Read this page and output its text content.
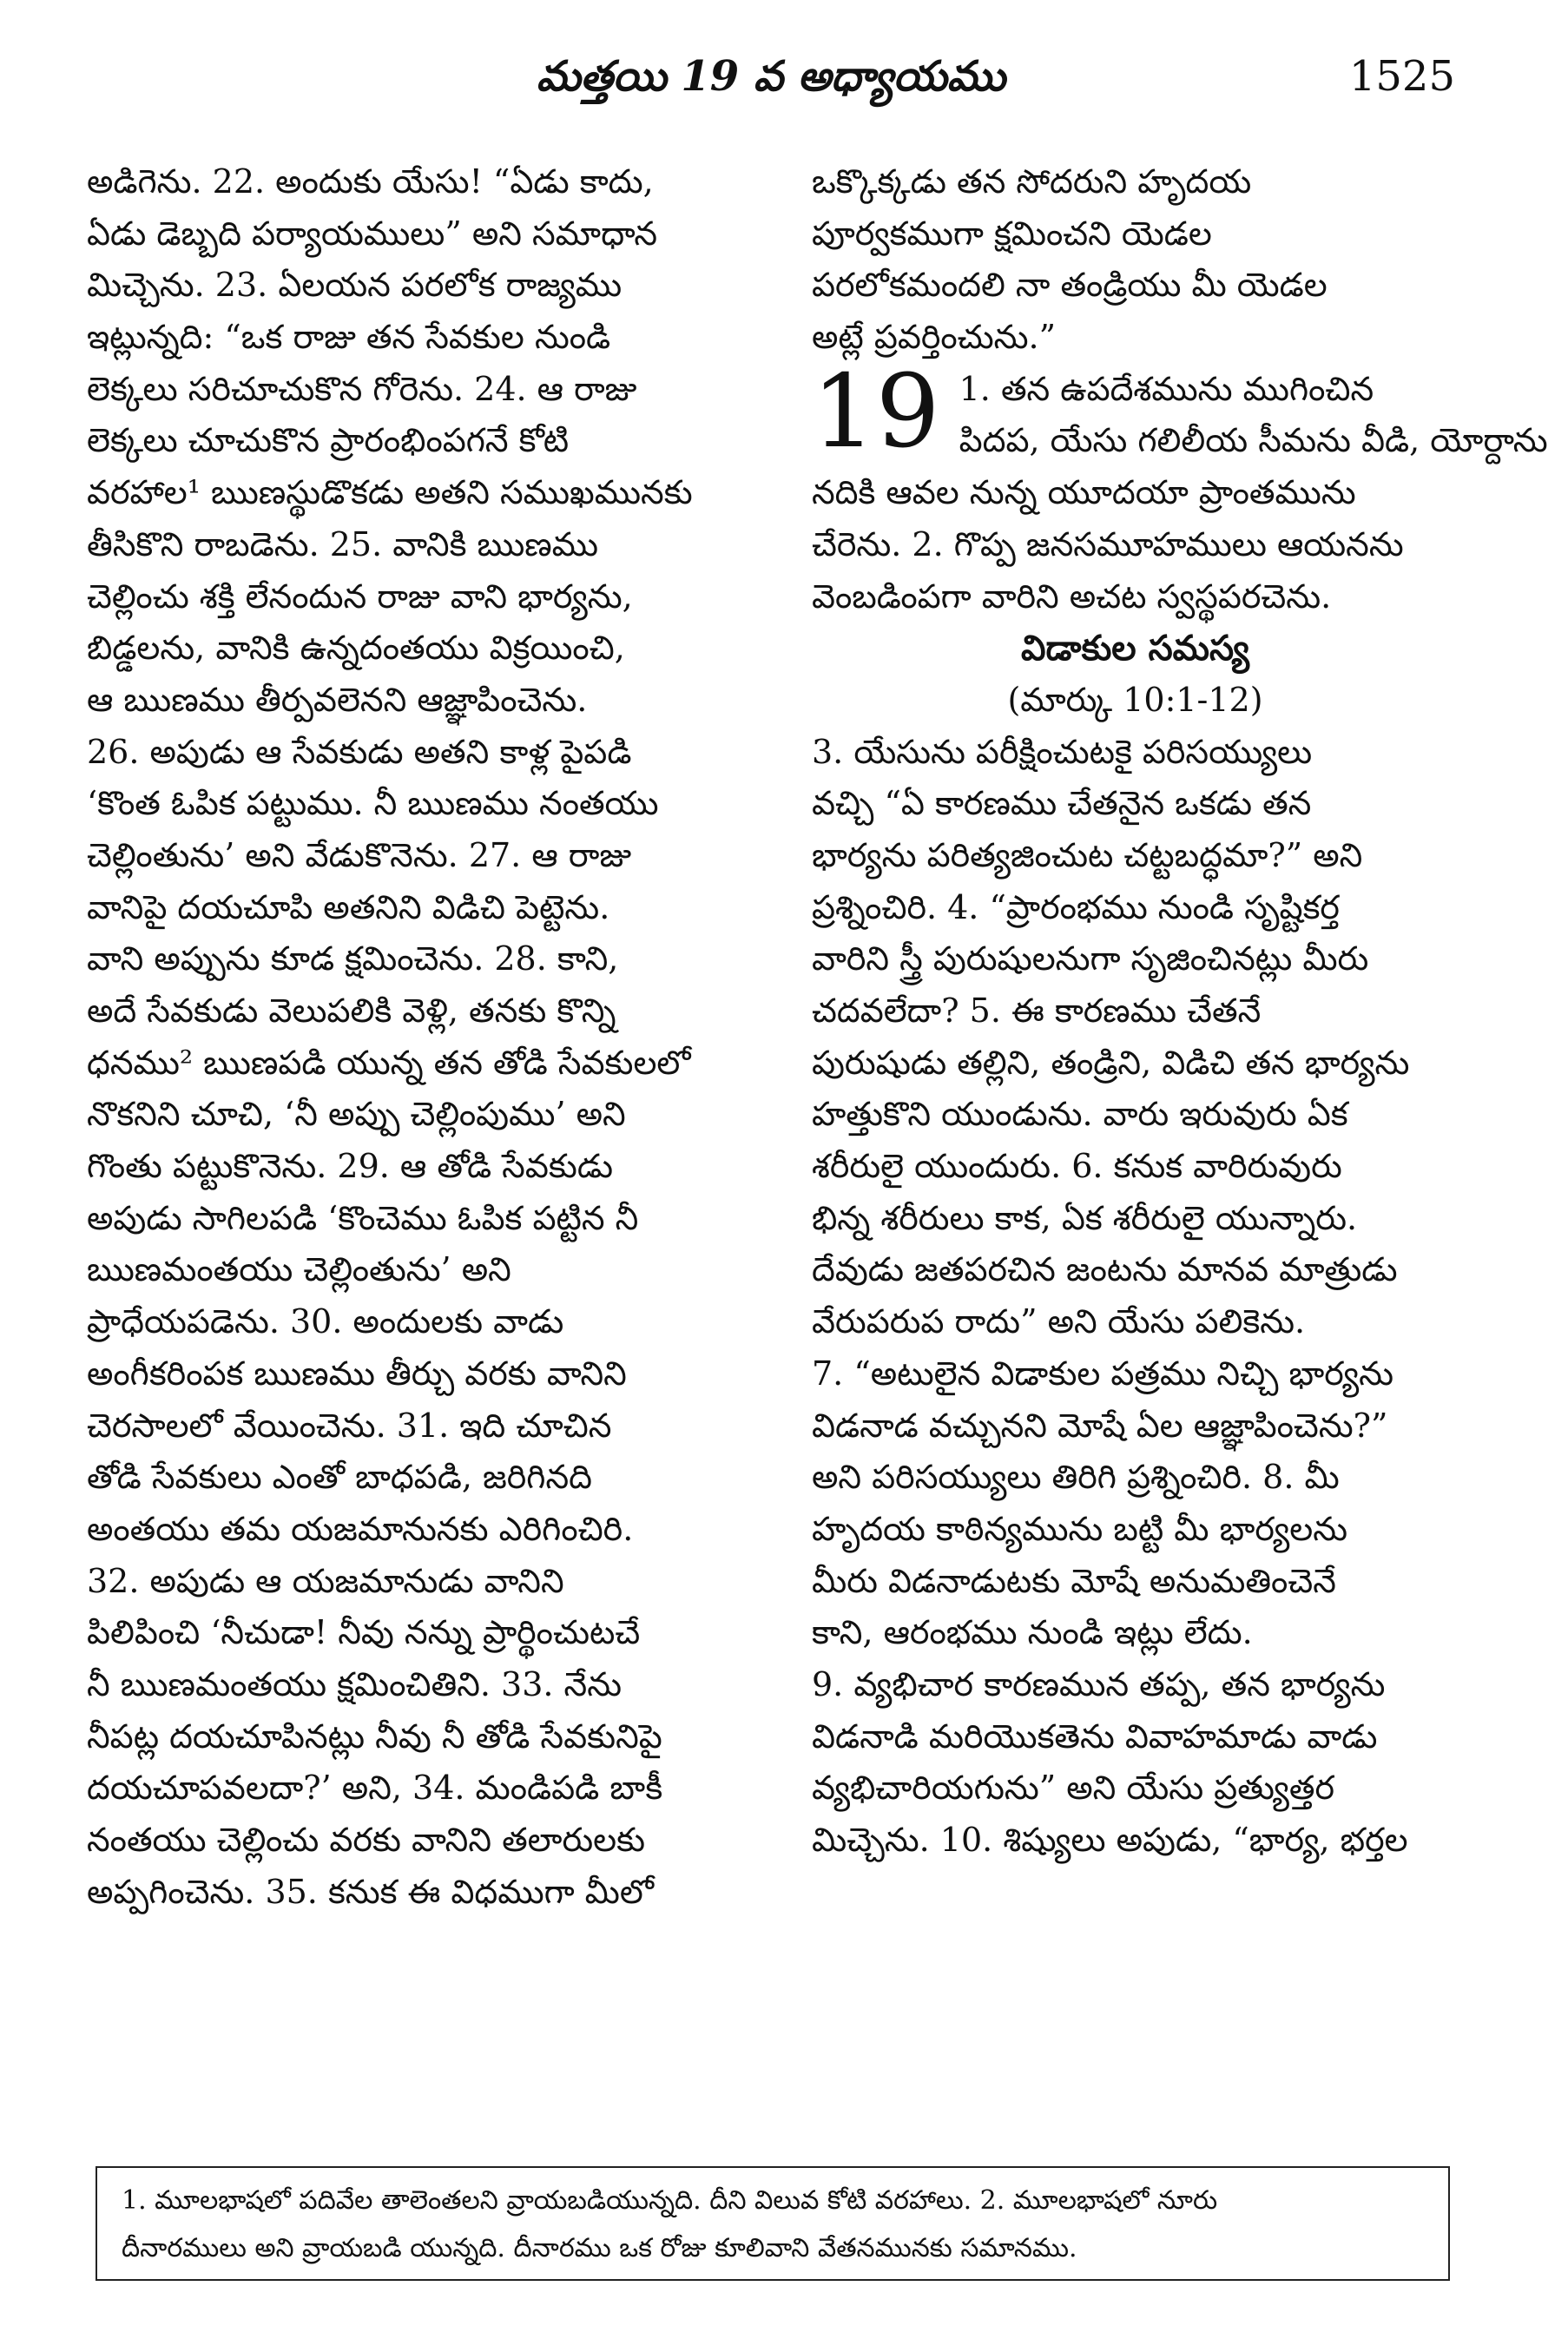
మత్తయి 19 వ అధ్యాయము	1525
అడిగెను. 22. అందుకు యేసు! “ఏడు కాదు,
ఏడు డెబ్బది పర్యాయములు” అని సమాధాన
మిచ్చెను. 23. ఏలయన పరలోక రాజ్యము
ఇట్లున్నది: “ఒక రాజు తన సేవకుల నుండి
లెక్కలు సరిచూచుకొన గోరెను. 24. ఆ రాజు
లెక్కలు చూచుకొన ప్రారంభింపగనే కోటి
వరహాల¹ ఋణస్థుడొకడు అతని సముఖమునకు
తీసికొని రాబడెను. 25. వానికి ఋణము
చెల్లించు శక్తి లేనందున రాజు వాని భార్యను,
బిడ్డలను, వానికి ఉన్నదంతయు విక్రయించి,
ఆ ఋణము తీర్పవలెనని ఆజ్ఞాపించెను.
26. అపుడు ఆ సేవకుడు అతని కాళ్ల పైపడి
‘కొంత ఓపిక పట్టుము. నీ ఋణము నంతయు
చెల్లింతును’ అని వేడుకొనెను. 27. ఆ రాజు
వానిపై దయచూపి అతనిని విడిచి పెట్టెను.
వాని అప్పును కూడ క్షమించెను. 28. కాని,
అదే సేవకుడు వెలుపలికి వెళ్లి, తనకు కొన్ని
ధనము² ఋణపడి యున్న తన తోడి సేవకులలో
నొకనిని చూచి, ‘నీ అప్పు చెల్లింపుము’ అని
గొంతు పట్టుకొనెను. 29. ఆ తోడి సేవకుడు
అపుడు సాగిలపడి ‘కొంచెము ఓపిక పట్టిన నీ
ఋణమంతయు చెల్లింతును’ అని
ప్రాధేయపడెను. 30. అందులకు వాడు
అంగీకరింపక ఋణము తీర్చు వరకు వానిని
చెరసాలలో వేయించెను. 31. ఇది చూచిన
తోడి సేవకులు ఎంతో బాధపడి, జరిగినది
అంతయు తమ యజమానునకు ఎరిగించిరి.
32. అపుడు ఆ యజమానుడు వానిని
పిలిపించి ‘నీచుడా! నీవు నన్ను ప్రార్థించుటచే
నీ ఋణమంతయు క్షమించితిని. 33. నేను
నీపట్ల దయచూపినట్లు నీవు నీ తోడి సేవకునిపై
దయచూపవలదా?’ అని, 34. మండిపడి బాకీ
నంతయు చెల్లించు వరకు వానిని తలారులకు
అప్పగించెను. 35. కనుక ఈ విధముగా మీలో
ఒక్కొక్కడు తన సోదరుని హృదయ
పూర్వకముగా క్షమించని యెడల
పరలోకమందలి నా తండ్రియు మీ యెడల
అట్లే ప్రవర్తించును.”
19 1. తన ఉపదేశమును ముగించిన
పిదప, యేసు గలిలీయ సీమను వీడి, యోర్దాను
నదికి ఆవల నున్న యూదయా ప్రాంతమును
చేరెను. 2. గొప్ప జనసమూహములు ఆయనను
వెంబడింపగా వారిని అచట స్వస్థపరచెను.
విడాకుల సమస్య
(మార్కు 10:1-12)
3. యేసును పరీక్షించుటకై పరిసయ్యులు
వచ్చి “ఏ కారణము చేతనైన ఒకడు తన
భార్యను పరిత్యజించుట చట్టబద్ధమా?” అని
ప్రశ్నించిరి. 4. “ప్రారంభము నుండి సృష్టికర్త
వారిని స్త్రీ పురుషులనుగా సృజించినట్లు మీరు
చదవలేదా? 5. ఈ కారణము చేతనే
పురుషుడు తల్లిని, తండ్రిని, విడిచి తన భార్యను
హత్తుకొని యుండును. వారు ఇరువురు ఏక
శరీరులై యుందురు. 6. కనుక వారిరువురు
భిన్న శరీరులు కాక, ఏక శరీరులై యున్నారు.
దేవుడు జతపరచిన జంటను మానవ మాత్రుడు
వేరుపరుప రాదు” అని యేసు పలికెను.
7. “అటులైన విడాకుల పత్రము నిచ్చి భార్యను
విడనాడ వచ్చునని మోషే ఏల ఆజ్ఞాపించెను?”
అని పరిసయ్యులు తిరిగి ప్రశ్నించిరి. 8. మీ
హృదయ కాఠిన్యమును బట్టి మీ భార్యలను
మీరు విడనాడుటకు మోషే అనుమతించెనే
కాని, ఆరంభము నుండి ఇట్లు లేదు.
9. వ్యభిచార కారణమున తప్ప, తన భార్యను
విడనాడి మరియొకతెను వివాహమాడు వాడు
వ్యభిచారియగును” అని యేసు ప్రత్యుత్తర
మిచ్చెను. 10. శిష్యులు అపుడు, “భార్య, భర్తల
1. మూలభాషలో పదివేల తాలెంతలని వ్రాయబడియున్నది. దీని విలువ కోటి వరహాలు. 2. మూలభాషలో నూరు
దీనారములు అని వ్రాయబడి యున్నది. దీనారము ఒక రోజు కూలివాని వేతనమునకు సమానము.
